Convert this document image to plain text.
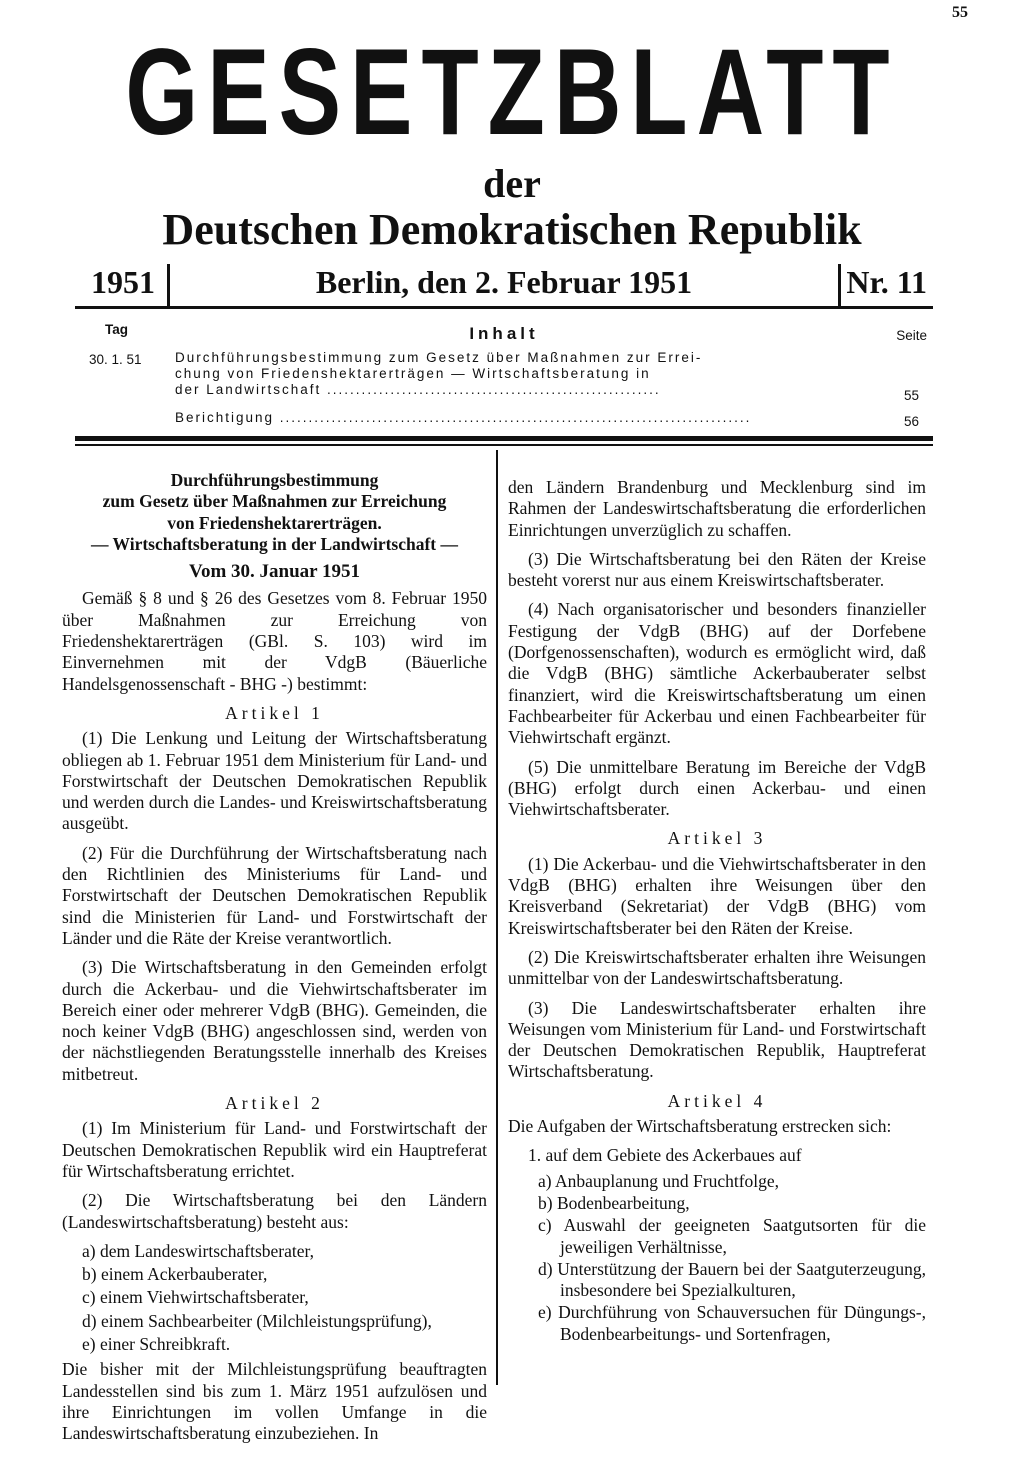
55
GESETZBLATT
der
Deutschen Demokratischen Republik
1951	Berlin, den 2. Februar 1951	Nr. 11
Tag	Inhalt	Seite
30. 1. 51 Durchführungsbestimmung zum Gesetz über Maßnahmen zur Errei-
chung von Friedenshektarerträgen — Wirtschaftsberatung in
der Landwirtschaft ..........................................................	55
Berichtigung ..................................................................................	56
Durchführungsbestimmung
zum Gesetz über Maßnahmen zur Erreichung
von Friedenshektarerträgen.
— Wirtschaftsberatung in der Landwirtschaft —
Vom 30. Januar 1951

Gemäß § 8 und § 26 des Gesetzes vom 8. Februar 1950 über Maßnahmen zur Erreichung von Friedenshektarerträgen (GBl. S. 103) wird im Einvernehmen mit der VdgB (Bäuerliche Handelsgenossenschaft - BHG -) bestimmt:

Artikel 1

(1) Die Lenkung und Leitung der Wirtschaftsberatung obliegen ab 1. Februar 1951 dem Ministerium für Land- und Forstwirtschaft der Deutschen Demokratischen Republik und werden durch die Landes- und Kreiswirtschaftsberatung ausgeübt.

(2) Für die Durchführung der Wirtschaftsberatung nach den Richtlinien des Ministeriums für Land- und Forstwirtschaft der Deutschen Demokratischen Republik sind die Ministerien für Land- und Forstwirtschaft der Länder und die Räte der Kreise verantwortlich.

(3) Die Wirtschaftsberatung in den Gemeinden erfolgt durch die Ackerbau- und die Viehwirtschaftsberater im Bereich einer oder mehrerer VdgB (BHG). Gemeinden, die noch keiner VdgB (BHG) angeschlossen sind, werden von der nächstliegenden Beratungsstelle innerhalb des Kreises mitbetreut.

Artikel 2

(1) Im Ministerium für Land- und Forstwirtschaft der Deutschen Demokratischen Republik wird ein Hauptreferat für Wirtschaftsberatung errichtet.

(2) Die Wirtschaftsberatung bei den Ländern (Landeswirtschaftsberatung) besteht aus:

a) dem Landeswirtschaftsberater,
b) einem Ackerbauberater,
c) einem Viehwirtschaftsberater,
d) einem Sachbearbeiter (Milchleistungsprüfung),
e) einer Schreibkraft.

Die bisher mit der Milchleistungsprüfung beauftragten Landesstellen sind bis zum 1. März 1951 aufzulösen und ihre Einrichtungen im vollen Umfange in die Landeswirtschaftsberatung einzubeziehen. In

den Ländern Brandenburg und Mecklenburg sind im Rahmen der Landeswirtschaftsberatung die erforderlichen Einrichtungen unverzüglich zu schaffen.

(3) Die Wirtschaftsberatung bei den Räten der Kreise besteht vorerst nur aus einem Kreiswirtschaftsberater.

(4) Nach organisatorischer und besonders finanzieller Festigung der VdgB (BHG) auf der Dorfebene (Dorfgenossenschaften), wodurch es ermöglicht wird, daß die VdgB (BHG) sämtliche Ackerbauberater selbst finanziert, wird die Kreiswirtschaftsberatung um einen Fachbearbeiter für Ackerbau und einen Fachbearbeiter für Viehwirtschaft ergänzt.

(5) Die unmittelbare Beratung im Bereiche der VdgB (BHG) erfolgt durch einen Ackerbau- und einen Viehwirtschaftsberater.

Artikel 3

(1) Die Ackerbau- und die Viehwirtschaftsberater in den VdgB (BHG) erhalten ihre Weisungen über den Kreisverband (Sekretariat) der VdgB (BHG) vom Kreiswirtschaftsberater bei den Räten der Kreise.

(2) Die Kreiswirtschaftsberater erhalten ihre Weisungen unmittelbar von der Landeswirtschaftsberatung.

(3) Die Landeswirtschaftsberater erhalten ihre Weisungen vom Ministerium für Land- und Forstwirtschaft der Deutschen Demokratischen Republik, Hauptreferat Wirtschaftsberatung.

Artikel 4

Die Aufgaben der Wirtschaftsberatung erstrecken sich:

1. auf dem Gebiete des Ackerbaues auf
a) Anbauplanung und Fruchtfolge,
b) Bodenbearbeitung,
c) Auswahl der geeigneten Saatgutsorten für die jeweiligen Verhältnisse,
d) Unterstützung der Bauern bei der Saatguterzeugung, insbesondere bei Spezialkulturen,
e) Durchführung von Schauversuchen für Düngungs-, Bodenbearbeitungs- und Sortenfragen,
